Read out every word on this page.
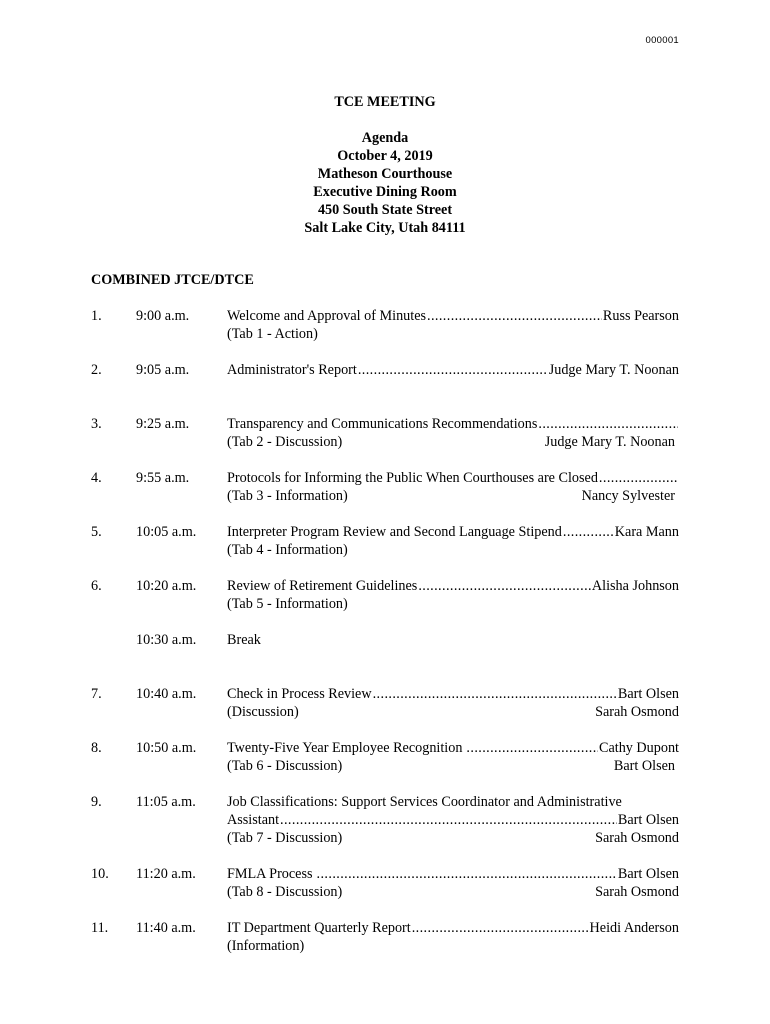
000001
TCE MEETING
Agenda
October 4, 2019
Matheson Courthouse
Executive Dining Room
450 South State Street
Salt Lake City, Utah 84111
COMBINED JTCE/DTCE
1. 9:00 a.m.	Welcome and Approval of Minutes .....	Russ Pearson
(Tab 1 - Action)
2. 9:05 a.m.	Administrator's Report .....	Judge Mary T. Noonan
3. 9:25 a.m.	Transparency and Communications Recommendations
.....
(Tab 2 - Discussion)	Judge Mary T. Noonan
4. 9:55 a.m.	Protocols for Informing the Public When Courthouses are Closed
.....
(Tab 3 - Information)	Nancy Sylvester
5. 10:05 a.m. Interpreter Program Review and Second Language Stipend .....	Kara Mann
(Tab 4 - Information)
6. 10:20 a.m. Review of Retirement Guidelines .....	Alisha Johnson
(Tab 5 - Information)
10:30 a.m. Break
7. 10:40 a.m. Check in Process Review .....	Bart Olsen
(Discussion)	Sarah Osmond
8. 10:50 a.m. Twenty-Five Year Employee Recognition .....	Cathy Dupont
(Tab 6 - Discussion)	Bart Olsen
9. 11:05 a.m. Job Classifications: Support Services Coordinator and Administrative
Assistant .....	Bart Olsen
(Tab 7 - Discussion)	Sarah Osmond
10. 11:20 a.m. FMLA Process .....	Bart Olsen
(Tab 8 - Discussion)	Sarah Osmond
11. 11:40 a.m. IT Department Quarterly Report .....	Heidi Anderson
(Information)
